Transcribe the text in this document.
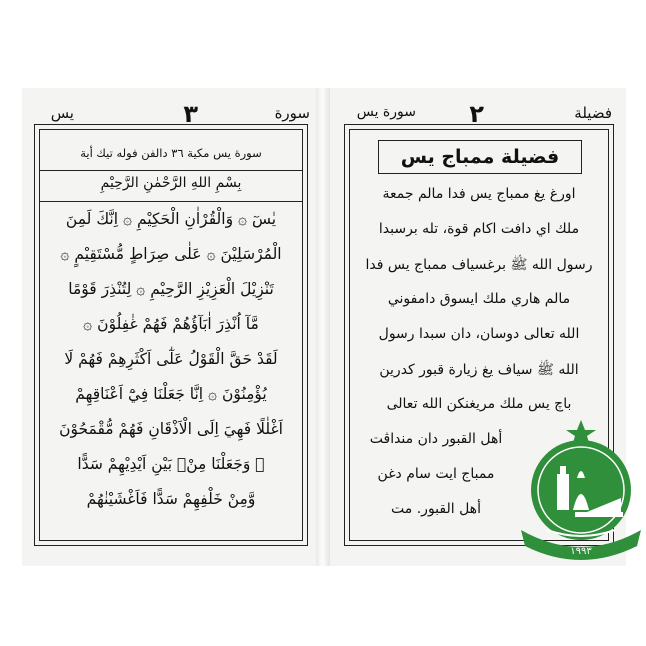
سورة
٣
يس
سورة يس مكية ٣٦ دالفن فوله تيك أية
بِسْمِ اللهِ الرَّحْمٰنِ الرَّحِيْمِ
يٰسٓ ۞ وَالْقُرْاٰنِ الْحَكِيْمِ ۞ اِنَّكَ لَمِنَ
الْمُرْسَلِيْنَ ۞ عَلٰى صِرَاطٍ مُّسْتَقِيْمٍ ۞
تَنْزِيْلَ الْعَزِيْزِ الرَّحِيْمِ ۞ لِتُنْذِرَ قَوْمًا
مَّآ اُنْذِرَ اٰبَآؤُهُمْ فَهُمْ غٰفِلُوْنَ ۞
لَقَدْ حَقَّ الْقَوْلُ عَلٰٓى اَكْثَرِهِمْ فَهُمْ لَا
يُؤْمِنُوْنَ ۞ اِنَّا جَعَلْنَا فِيْٓ اَعْنَاقِهِمْ
اَغْلٰلًا فَهِيَ اِلَى الْاَذْقَانِ فَهُمْ مُّقْمَحُوْنَ
۞ وَجَعَلْنَا مِنْۢ بَيْنِ اَيْدِيْهِمْ سَدًّا
وَّمِنْ خَلْفِهِمْ سَدًّا فَاَغْشَيْنٰهُمْ
فضيلة
٢
سورة يس
فضيلة ممباج يس
اورغ يغ ممباج يس فدا مالم جمعة
ملك اي دافت اكام قوة، تله برسبدا
رسول الله ﷺ برغسياف ممباج يس فدا
مالم هاري ملك ايسوق دامفوني
الله تعالى دوسان، دان سبدا رسول
الله ﷺ سياف يغ زيارة قبور كدرين
باچ يس ملك مريغنكن الله تعالى
أهل القبور دان منداڤت
ممباج ايت سام دغن
أهل القبور. مت
١٩٩٣
